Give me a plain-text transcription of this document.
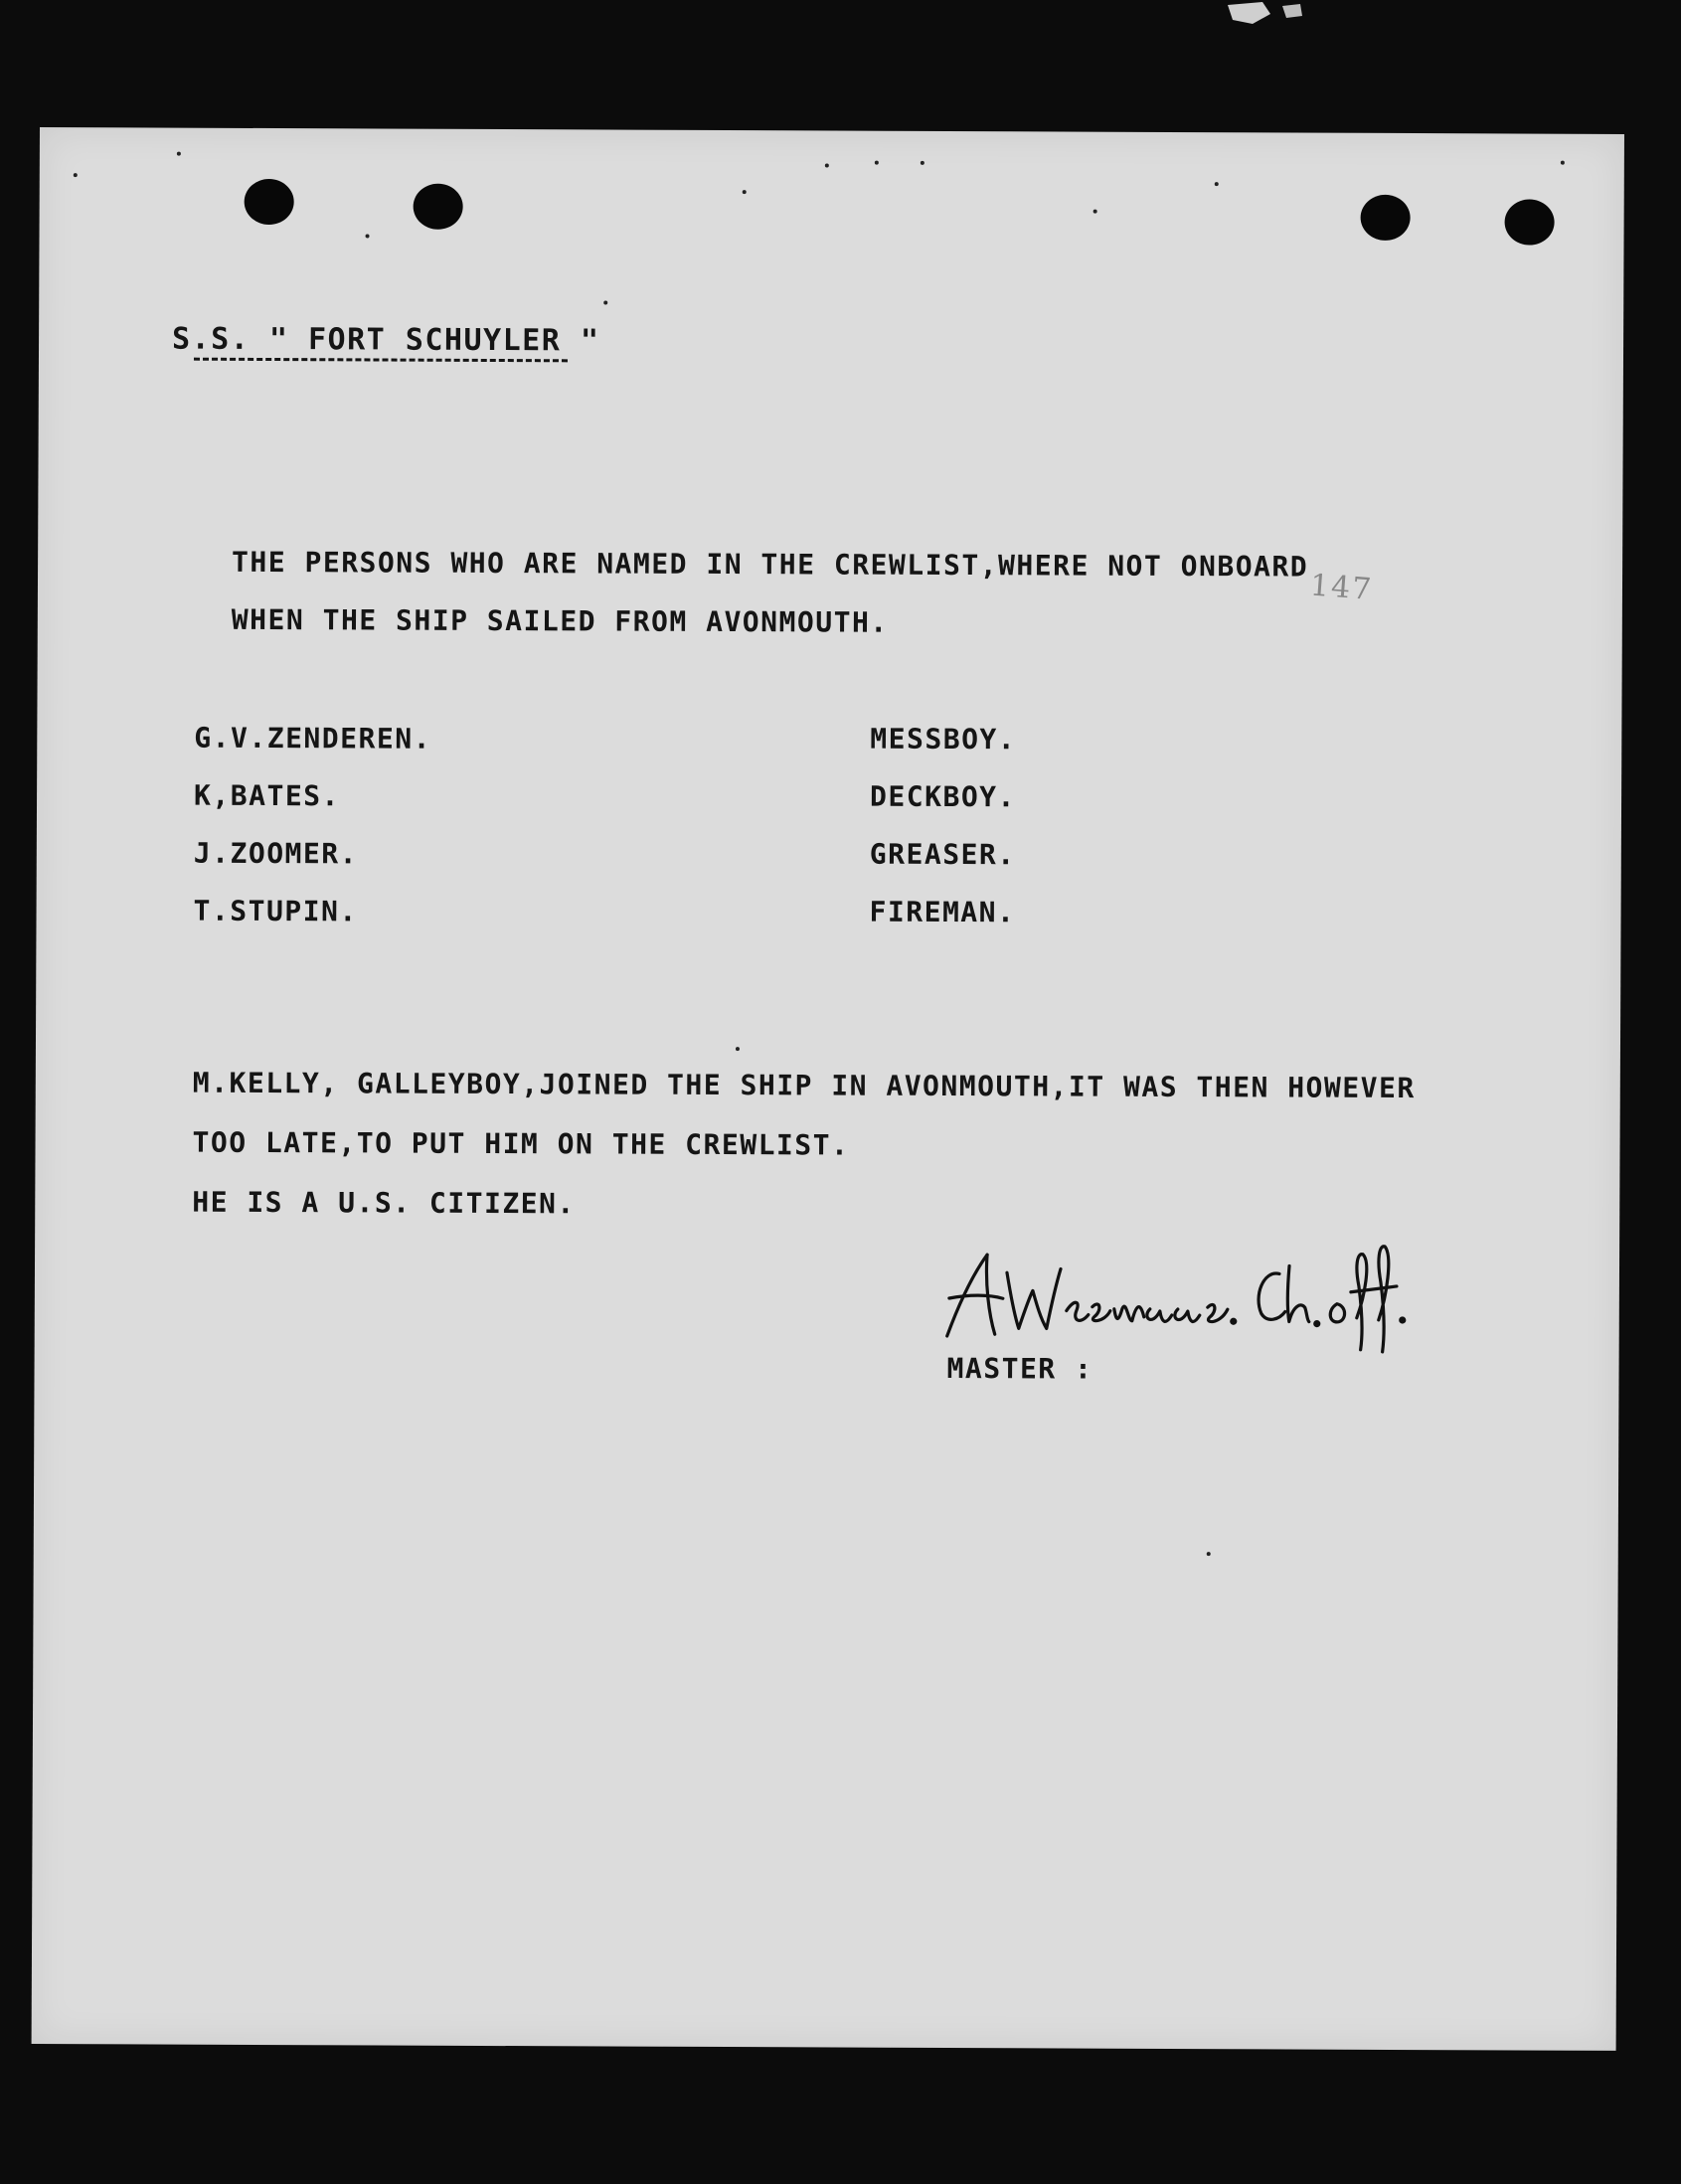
S.S. " FORT SCHUYLER "
THE PERSONS WHO ARE NAMED IN THE CREWLIST,WHERE NOT ONBOARD
WHEN THE SHIP SAILED FROM AVONMOUTH.
147
G.V.ZENDEREN.	MESSBOY.
K,BATES.	DECKBOY.
J.ZOOMER.	GREASER.
T.STUPIN.	FIREMAN.
M.KELLY, GALLEYBOY,JOINED THE SHIP IN AVONMOUTH,IT WAS THEN HOWEVER
TOO LATE,TO PUT HIM ON THE CREWLIST.
HE IS A U.S. CITIZEN.
MASTER :
